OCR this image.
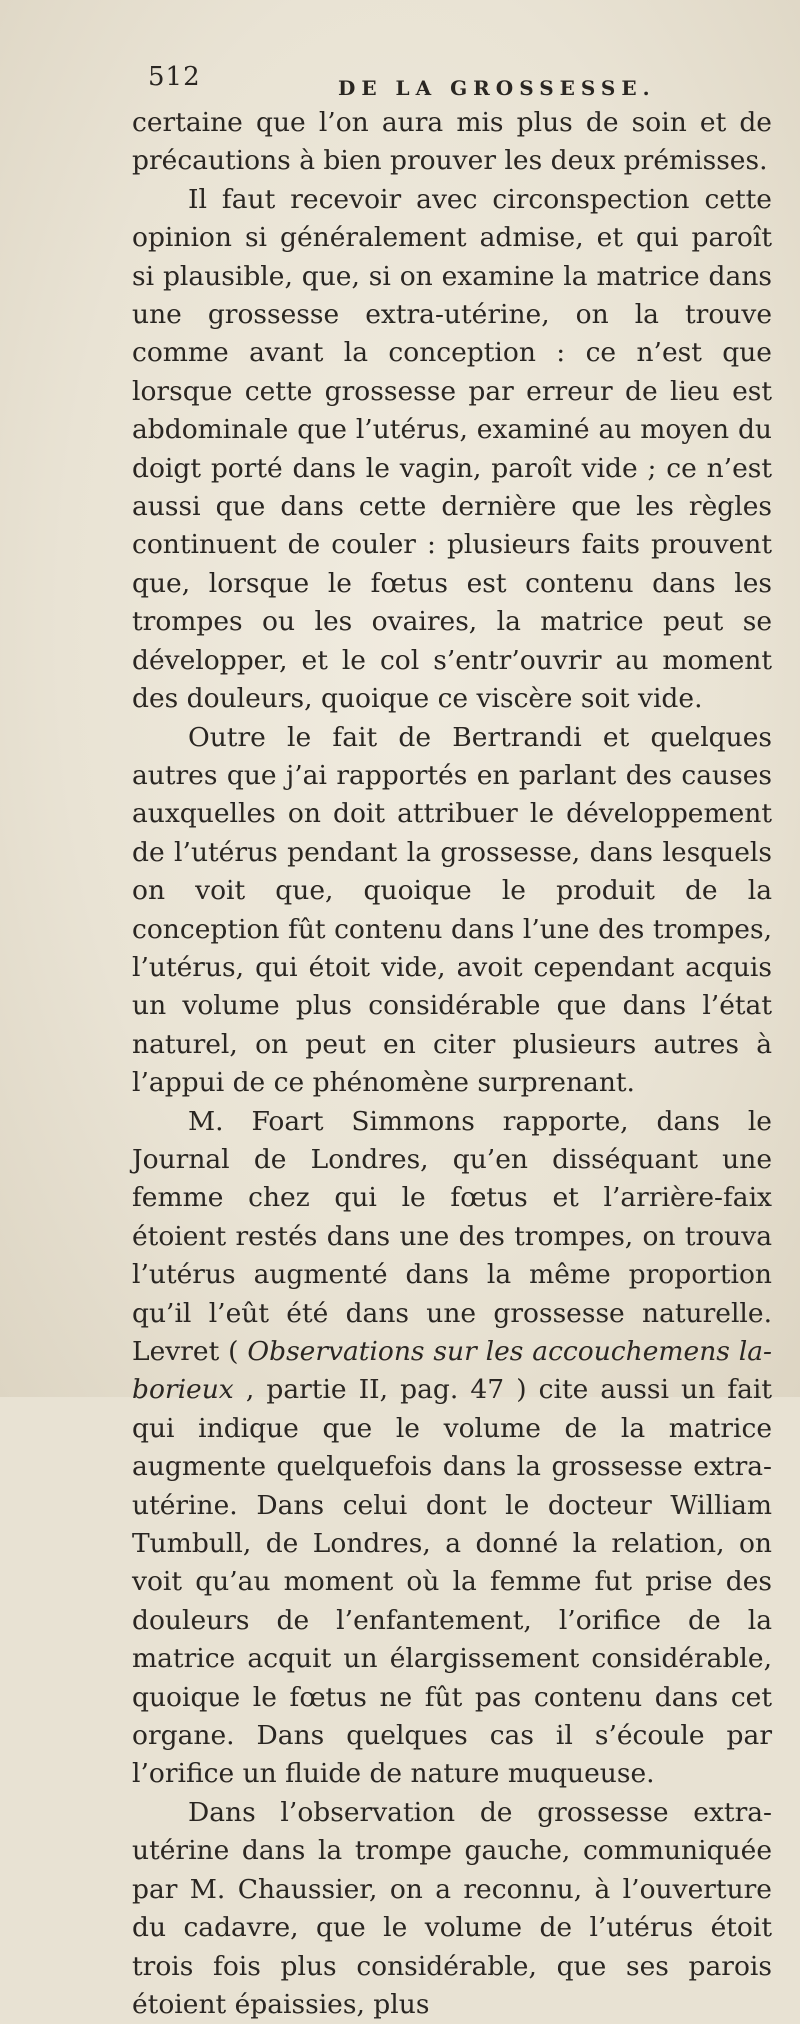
512	DE LA GROSSESSE.

certaine que l’on aura mis plus de soin et de précautions à bien prouver les deux prémisses.

Il faut recevoir avec circonspection cette opinion si généralement admise, et qui paroît si plausible, que, si on examine la matrice dans une grossesse extra-utérine, on la trouve comme avant la conception : ce n’est que lorsque cette grossesse par erreur de lieu est abdominale que l’utérus, examiné au moyen du doigt porté dans le vagin, paroît vide ; ce n’est aussi que dans cette dernière que les règles continuent de couler : plusieurs faits prouvent que, lorsque le fœtus est contenu dans les trompes ou les ovaires, la matrice peut se développer, et le col s’entr’ouvrir au moment des douleurs, quoique ce viscère soit vide.

Outre le fait de Bertrandi et quelques autres que j’ai rapportés en parlant des causes auxquelles on doit attribuer le développement de l’utérus pendant la grossesse, dans lesquels on voit que, quoique le produit de la conception fût contenu dans l’une des trompes, l’utérus, qui étoit vide, avoit cependant acquis un volume plus considérable que dans l’état naturel, on peut en citer plusieurs autres à l’appui de ce phénomène surprenant.

M. Foart Simmons rapporte, dans le Journal de Londres, qu’en disséquant une femme chez qui le fœtus et l’arrière-faix étoient restés dans une des trompes, on trouva l’utérus augmenté dans la même proportion qu’il l’eût été dans une grossesse naturelle. Levret ( Observations sur les accouchemens laborieux , partie II, pag. 47 ) cite aussi un fait qui indique que le volume de la matrice augmente quelquefois dans la grossesse extra-utérine. Dans celui dont le docteur William Tumbull, de Londres, a donné la relation, on voit qu’au moment où la femme fut prise des douleurs de l’enfantement, l’orifice de la matrice acquit un élargissement considérable, quoique le fœtus ne fût pas contenu dans cet organe. Dans quelques cas il s’écoule par l’orifice un fluide de nature muqueuse.

Dans l’observation de grossesse extra-utérine dans la trompe gauche, communiquée par M. Chaussier, on a reconnu, à l’ouverture du cadavre, que le volume de l’utérus étoit trois fois plus considérable, que ses parois étoient épaissies, plus
